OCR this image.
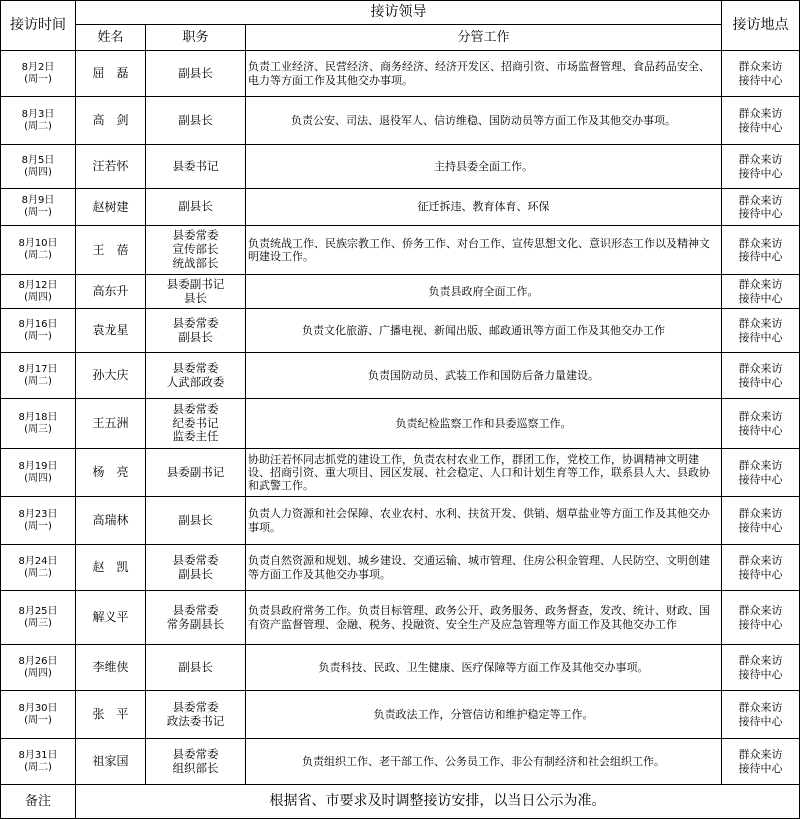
接访时间	接访领导			接访地点
	姓名	职务	分管工作	

8月2日
(周一)	屈　磊	副县长	负责工业经济、民营经济、商务经济、经济开发区、招商引资、市场监督管理、食品药品安全、电力等方面工作及其他交办事项。	群众来访
接待中心

8月3日
(周二)	高　剑	副县长	负责公安、司法、退役军人、信访维稳、国防动员等方面工作及其他交办事项。	群众来访
接待中心

8月5日
(周四)	汪若怀	县委书记	主持县委全面工作。	群众来访
接待中心

8月9日
(周一)	赵树建	副县长	征迁拆违、教育体育、环保	群众来访
接待中心

8月10日
(周二)	王　蓓	县委常委
宣传部长
统战部长	负责统战工作、民族宗教工作、侨务工作、对台工作、宣传思想文化、意识形态工作以及精神文明建设工作。	群众来访
接待中心

8月12日
(周四)	高东升	县委副书记
县长	负责县政府全面工作。	群众来访
接待中心

8月16日
(周一)	袁龙星	县委常委
副县长	负责文化旅游、广播电视、新闻出版、邮政通讯等方面工作及其他交办工作	群众来访
接待中心

8月17日
(周二)	孙大庆	县委常委
人武部政委	负责国防动员、武装工作和国防后备力量建设。	群众来访
接待中心

8月18日
(周三)	王五洲	县委常委
纪委书记
监委主任	负责纪检监察工作和县委巡察工作。	群众来访
接待中心

8月19日
(周四)	杨　亮	县委副书记	协助汪若怀同志抓党的建设工作，负责农村农业工作，群团工作，党校工作，协调精神文明建设、招商引资、重大项目、园区发展、社会稳定、人口和计划生育等工作，联系县人大、县政协和武警工作。	群众来访
接待中心

8月23日
(周一)	高瑞林	副县长	负责人力资源和社会保障、农业农村、水利、扶贫开发、供销、烟草盐业等方面工作及其他交办事项。	群众来访
接待中心

8月24日
(周二)	赵　凯	县委常委
副县长	负责自然资源和规划、城乡建设、交通运输、城市管理、住房公积金管理、人民防空、文明创建等方面工作及其他交办事项。	群众来访
接待中心

8月25日
(周三)	解义平	县委常委
常务副县长	负责县政府常务工作。负责目标管理、政务公开、政务服务、政务督查，发改、统计、财政、国有资产监督管理、金融、税务、投融资、安全生产及应急管理等方面工作及其他交办工作	群众来访
接待中心

8月26日
(周四)	李维侠	副县长	负责科技、民政、卫生健康、医疗保障等方面工作及其他交办事项。	群众来访
接待中心

8月30日
(周一)	张　平	县委常委
政法委书记	负责政法工作，分管信访和维护稳定等工作。	群众来访
接待中心

8月31日
(周二)	祖家国	县委常委
组织部长	负责组织工作、老干部工作、公务员工作、非公有制经济和社会组织工作。	群众来访
接待中心

备注	根据省、市要求及时调整接访安排，以当日公示为准。			
